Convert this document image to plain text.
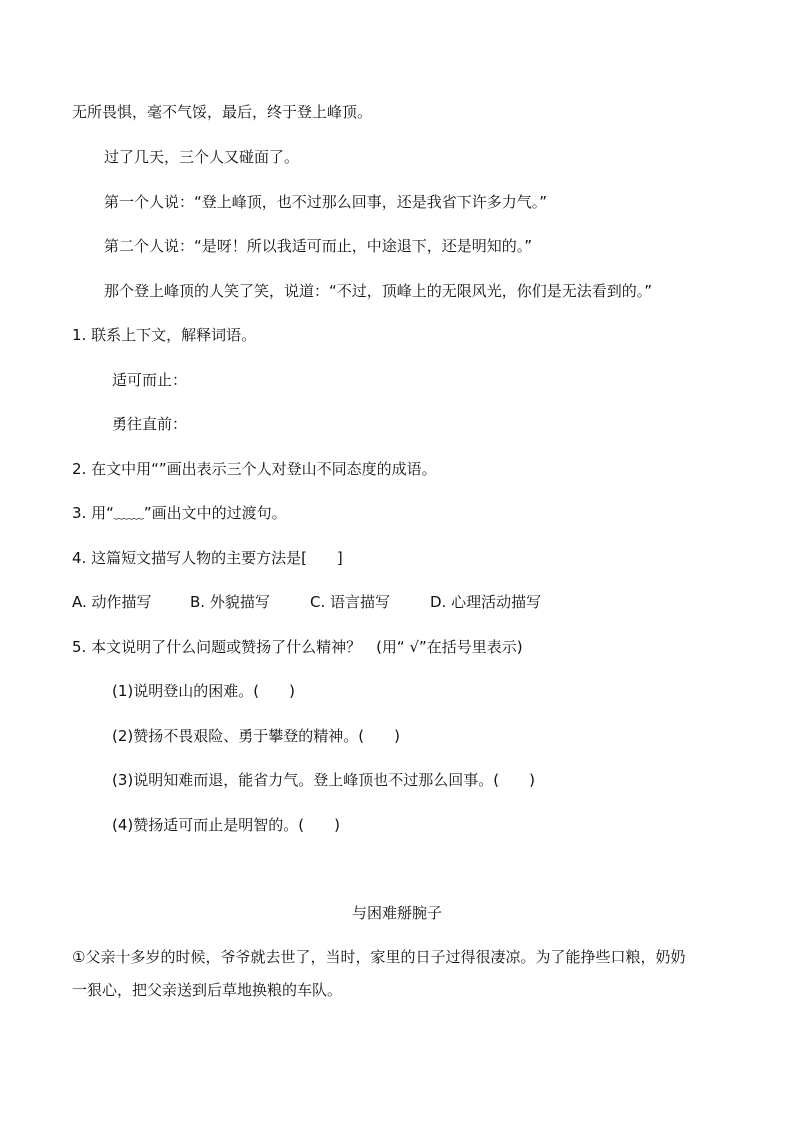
无所畏惧，毫不气馁，最后，终于登上峰顶。
过了几天，三个人又碰面了。
第一个人说：“登上峰顶，也不过那么回事，还是我省下许多力气。”
第二个人说：“是呀！所以我适可而止，中途退下，还是明知的。”
那个登上峰顶的人笑了笑，说道：“不过，顶峰上的无限风光，你们是无法看到的。”
1. 联系上下文，解释词语。
适可而止：
勇往直前：
2. 在文中用“”画出表示三个人对登山不同态度的成语。
3. 用“﹏﹏”画出文中的过渡句。
4. 这篇短文描写人物的主要方法是[　　]
A. 动作描写	B. 外貌描写	C. 语言描写	D. 心理活动描写
5. 本文说明了什么问题或赞扬了什么精神？　(用“ √”在括号里表示)
(1)说明登山的困难。(　　)
(2)赞扬不畏艰险、勇于攀登的精神。(　　)
(3)说明知难而退，能省力气。登上峰顶也不过那么回事。(　　)
(4)赞扬适可而止是明智的。(　　)
与困难掰腕子
①父亲十多岁的时候，爷爷就去世了，当时，家里的日子过得很凄凉。为了能挣些口粮，奶奶
一狠心，把父亲送到后草地换粮的车队。
